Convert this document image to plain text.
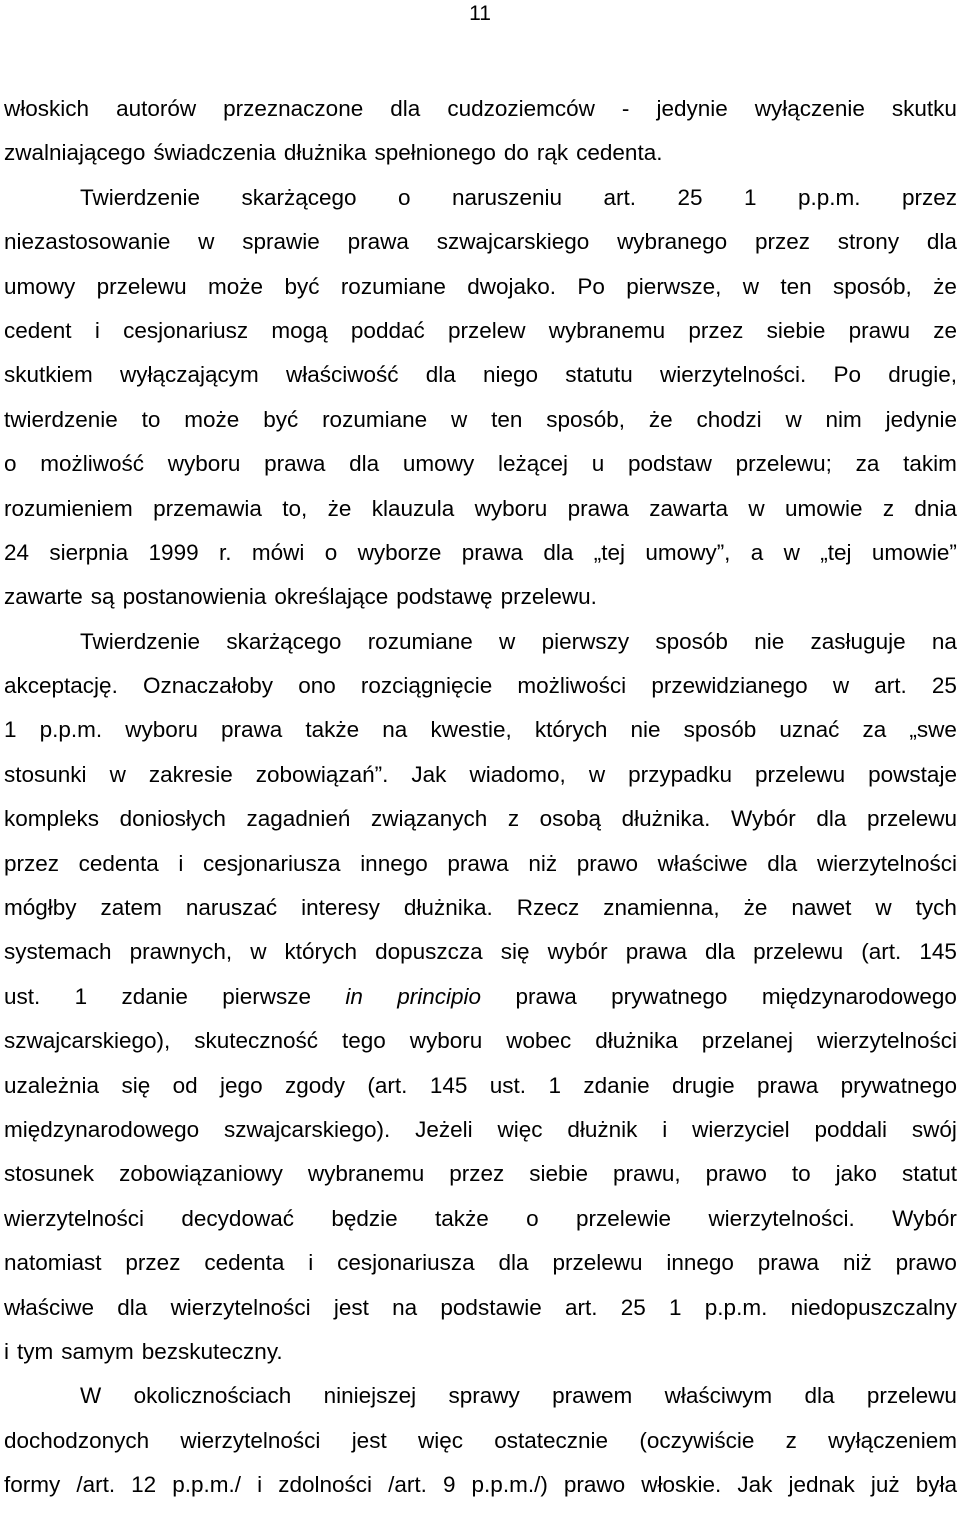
11
włoskich autorów przeznaczone dla cudzoziemców - jedynie wyłączenie skutku
zwalniającego świadczenia dłużnika spełnionego do rąk cedenta.
Twierdzenie skarżącego o naruszeniu art. 25 1 p.p.m. przez
niezastosowanie w sprawie prawa szwajcarskiego wybranego przez strony dla
umowy przelewu może być rozumiane dwojako. Po pierwsze, w ten sposób, że
cedent i cesjonariusz mogą poddać przelew wybranemu przez siebie prawu ze
skutkiem wyłączającym właściwość dla niego statutu wierzytelności. Po drugie,
twierdzenie to może być rozumiane w ten sposób, że chodzi w nim jedynie
o możliwość wyboru prawa dla umowy leżącej u podstaw przelewu; za takim
rozumieniem przemawia to, że klauzula wyboru prawa zawarta w umowie z dnia
24 sierpnia 1999 r. mówi o wyborze prawa dla „tej umowy”, a w „tej umowie”
zawarte są postanowienia określające podstawę przelewu.
Twierdzenie skarżącego rozumiane w pierwszy sposób nie zasługuje na
akceptację. Oznaczałoby ono rozciągnięcie możliwości przewidzianego w art. 25
1 p.p.m. wyboru prawa także na kwestie, których nie sposób uznać za „swe
stosunki w zakresie zobowiązań”. Jak wiadomo, w przypadku przelewu powstaje
kompleks doniosłych zagadnień związanych z osobą dłużnika. Wybór dla przelewu
przez cedenta i cesjonariusza innego prawa niż prawo właściwe dla wierzytelności
mógłby zatem naruszać interesy dłużnika. Rzecz znamienna, że nawet w tych
systemach prawnych, w których dopuszcza się wybór prawa dla przelewu (art. 145
ust. 1 zdanie pierwsze in principio prawa prywatnego międzynarodowego
szwajcarskiego), skuteczność tego wyboru wobec dłużnika przelanej wierzytelności
uzależnia się od jego zgody (art. 145 ust. 1 zdanie drugie prawa prywatnego
międzynarodowego szwajcarskiego). Jeżeli więc dłużnik i wierzyciel poddali swój
stosunek zobowiązaniowy wybranemu przez siebie prawu, prawo to jako statut
wierzytelności decydować będzie także o przelewie wierzytelności. Wybór
natomiast przez cedenta i cesjonariusza dla przelewu innego prawa niż prawo
właściwe dla wierzytelności jest na podstawie art. 25 1 p.p.m. niedopuszczalny
i tym samym bezskuteczny.
W okolicznościach niniejszej sprawy prawem właściwym dla przelewu
dochodzonych wierzytelności jest więc ostatecznie (oczywiście z wyłączeniem
formy /art. 12 p.p.m./ i zdolności /art. 9 p.p.m./) prawo włoskie. Jak jednak już była
